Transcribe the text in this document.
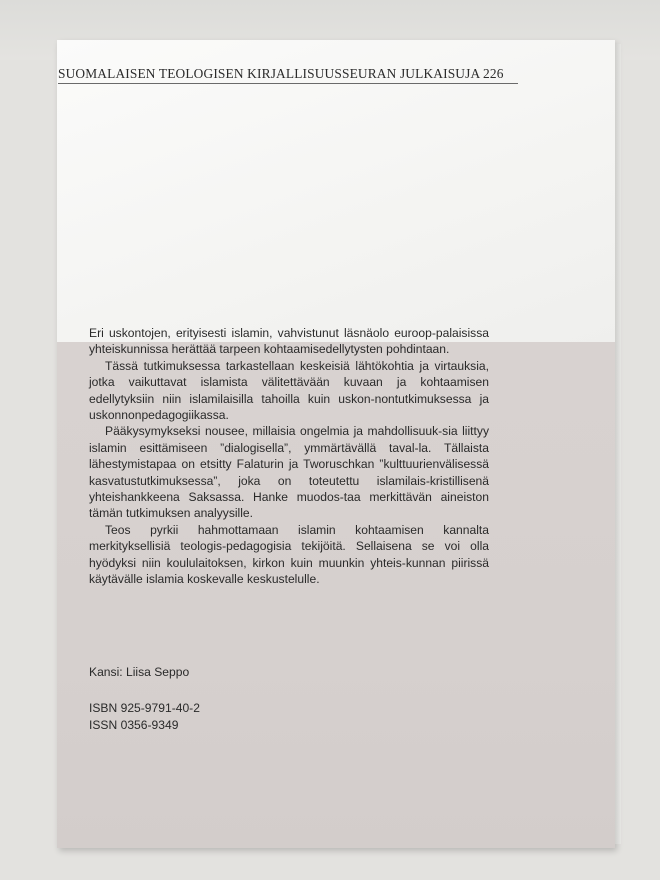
SUOMALAISEN TEOLOGISEN KIRJALLISUUSSEURAN JULKAISUJA 226

Eri uskontojen, erityisesti islamin, vahvistunut läsnäolo euroop-palaisissa yhteiskunnissa herättää tarpeen kohtaamisedellytysten pohdintaan.

Tässä tutkimuksessa tarkastellaan keskeisiä lähtökohtia ja virtauksia, jotka vaikuttavat islamista välitettävään kuvaan ja kohtaamisen edellytyksiin niin islamilaisilla tahoilla kuin uskon-nontutkimuksessa ja uskonnonpedagogiikassa.

Pääkysymykseksi nousee, millaisia ongelmia ja mahdollisuuk-sia liittyy islamin esittämiseen ”dialogisella”, ymmärtävällä taval-la. Tällaista lähestymistapaa on etsitty Falaturin ja Tworuschkan ”kulttuurienvälisessä kasvatustutkimuksessa”, joka on toteutettu islamilais-kristillisenä yhteishankkeena Saksassa. Hanke muodos-taa merkittävän aineiston tämän tutkimuksen analyysille.

Teos pyrkii hahmottamaan islamin kohtaamisen kannalta merkityksellisiä teologis-pedagogisia tekijöitä. Sellaisena se voi olla hyödyksi niin koululaitoksen, kirkon kuin muunkin yhteis-kunnan piirissä käytävälle islamia koskevalle keskustelulle.

Kansi: Liisa Seppo
ISBN 925-9791-40-2
ISSN 0356-9349
